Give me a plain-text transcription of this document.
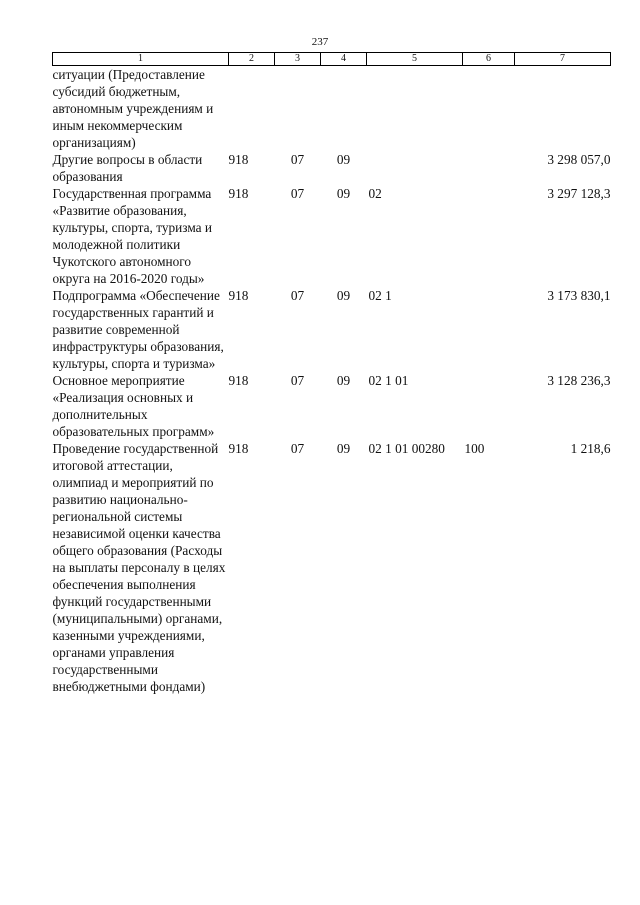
237
1	2	3	4	5	6	7
ситуации (Предоставление субсидий бюджетным, автономным учреждениям и иным некоммерческим организациям)						
Другие вопросы в области образования	918	07	09			3 298 057,0
Государственная программа «Развитие образования, культуры, спорта, туризма и молодежной политики Чукотского автономного округа на 2016-2020 годы»	918	07	09	02		3 297 128,3
Подпрограмма «Обеспечение государственных гарантий и развитие современной инфраструктуры образования, культуры, спорта и туризма»	918	07	09	02 1		3 173 830,1
Основное мероприятие «Реализация основных и дополнительных образовательных программ»	918	07	09	02 1 01		3 128 236,3
Проведение государственной итоговой аттестации, олимпиад и мероприятий по развитию национально-региональной системы независимой оценки качества общего образования (Расходы на выплаты персоналу в целях обеспечения выполнения функций государственными (муниципальными) органами, казенными учреждениями, органами управления государственными внебюджетными фондами)	918	07	09	02 1 01 00280	100	1 218,6
